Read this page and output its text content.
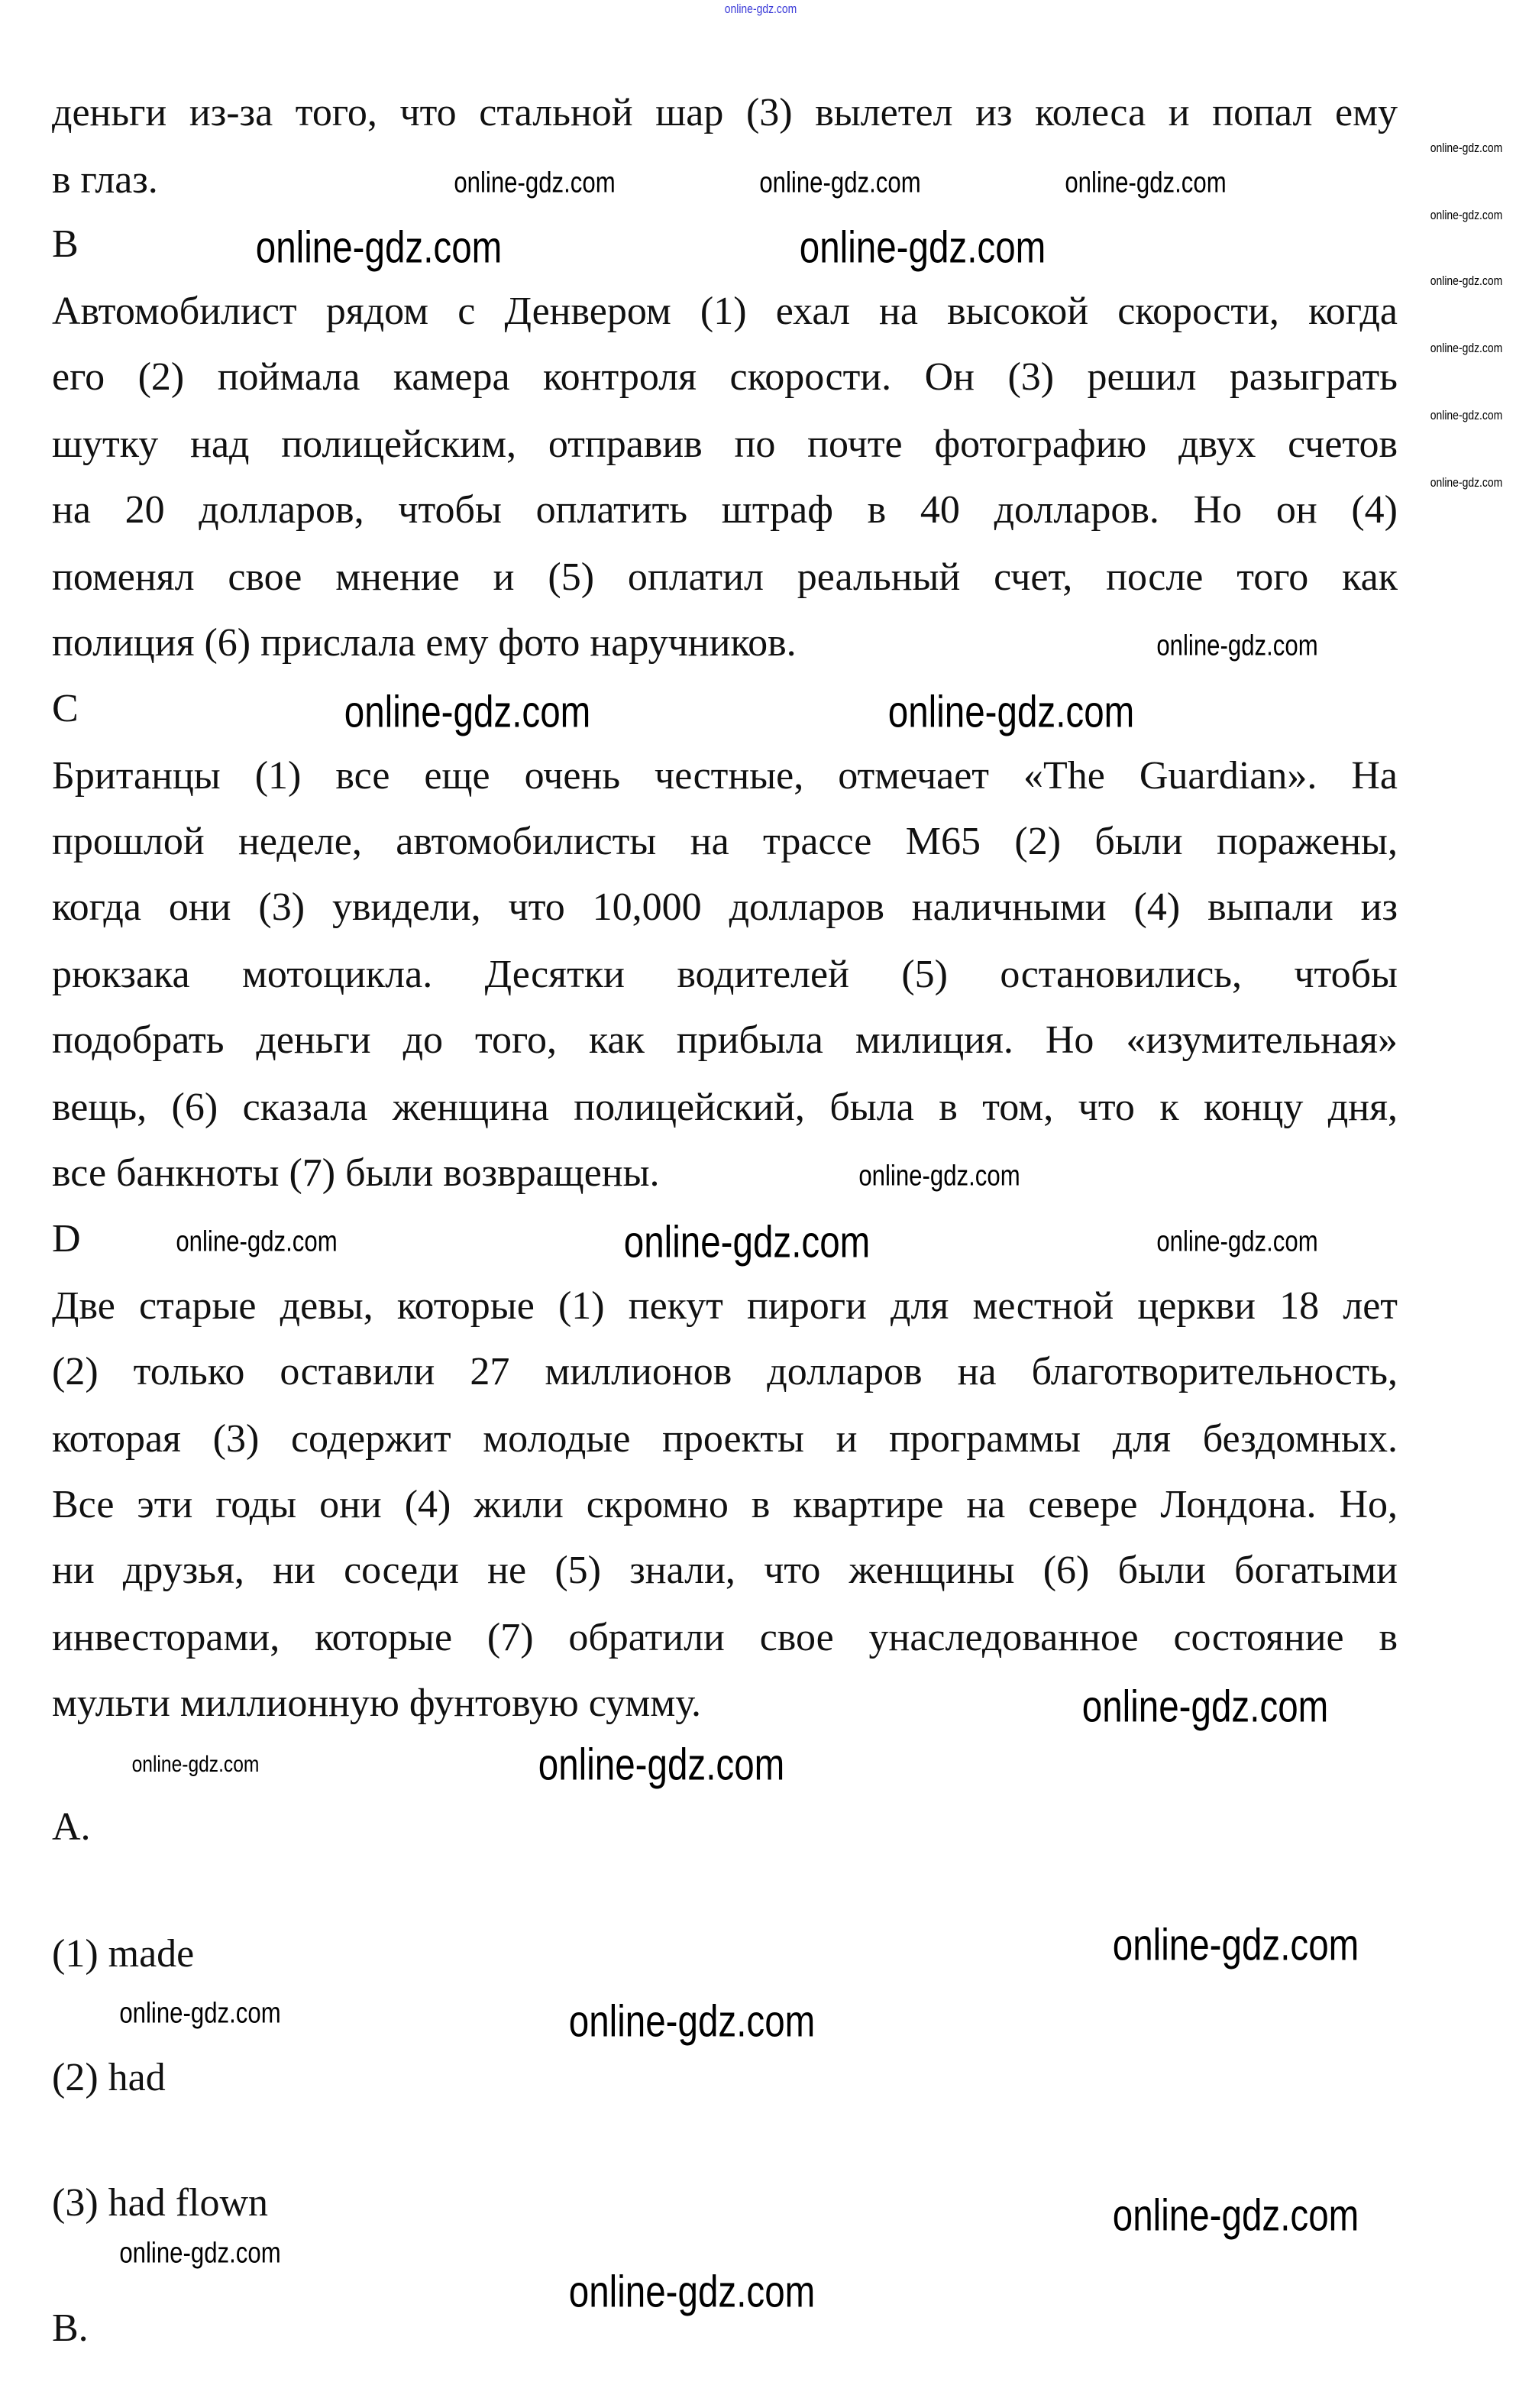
деньги из-за того, что стальной шар (3) вылетел из колеса и попал ему
в глаз.
B
Автомобилист рядом с Денвером (1) ехал на высокой скорости, когда
его (2) поймала камера контроля скорости. Он (3) решил разыграть
шутку над полицейским, отправив по почте фотографию двух счетов
на 20 долларов, чтобы оплатить штраф в 40 долларов. Но он (4)
поменял свое мнение и (5) оплатил реальный счет, после того как
полиция (6) прислала ему фото наручников.
C
Британцы (1) все еще очень честные, отмечает «The Guardian». На
прошлой неделе, автомобилисты на трассе М65 (2) были поражены,
когда они (3) увидели, что 10,000 долларов наличными (4) выпали из
рюкзака мотоцикла. Десятки водителей (5) остановились, чтобы
подобрать деньги до того, как прибыла милиция. Но «изумительная»
вещь, (6) сказала женщина полицейский, была в том, что к концу дня,
все банкноты (7) были возвращены.
D
Две старые девы, которые (1) пекут пироги для местной церкви 18 лет
(2) только оставили 27 миллионов долларов на благотворительность,
которая (3) содержит молодые проекты и программы для бездомных.
Все эти годы они (4) жили скромно в квартире на севере Лондона. Но,
ни друзья, ни соседи не (5) знали, что женщины (6) были богатыми
инвесторами, которые (7) обратили свое унаследованное состояние в
мульти миллионную фунтовую сумму.
A.
(1) made
(2) had
(3) had flown
B.
online-gdz.com
online-gdz.com
online-gdz.com
online-gdz.com
online-gdz.com
online-gdz.com
online-gdz.com
online-gdz.com	online-gdz.com
online-gdz.com	online-gdz.com
online-gdz.com
online-gdz.com
online-gdz.com
online-gdz.com
online-gdz.com
online-gdz.com
online-gdz.com
online-gdz.com	online-gdz.com	online-gdz.com
online-gdz.com
online-gdz.com
online-gdz.com	online-gdz.com
online-gdz.com
online-gdz.com
online-gdz.com
